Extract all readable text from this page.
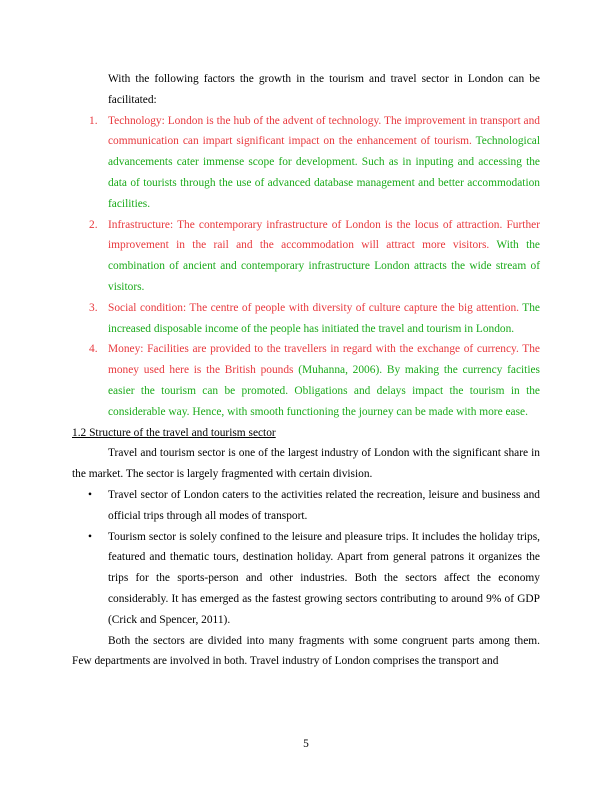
With the following factors the growth in the tourism and travel sector in London can be facilitated:

1. Technology: London is the hub of the advent of technology. The improvement in transport and communication can impart significant impact on the enhancement of tourism. Technological advancements cater immense scope for development. Such as in inputing and accessing the data of tourists through the use of advanced database management and better accommodation facilities.
2. Infrastructure: The contemporary infrastructure of London is the locus of attraction. Further improvement in the rail and the accommodation will attract more visitors. With the combination of ancient and contemporary infrastructure London attracts the wide stream of visitors.
3. Social condition: The centre of people with diversity of culture capture the big attention. The increased disposable income of the people has initiated the travel and tourism in London.
4. Money: Facilities are provided to the travellers in regard with the exchange of currency. The money used here is the British pounds (Muhanna, 2006). By making the currency facities easier the tourism can be promoted. Obligations and delays impact the tourism in the considerable way. Hence, with smooth functioning the journey can be made with more ease.

1.2 Structure of the travel and tourism sector

Travel and tourism sector is one of the largest industry of London with the significant share in the market. The sector is largely fragmented with certain division.

• Travel sector of London caters to the activities related the recreation, leisure and business and official trips through all modes of transport.
• Tourism sector is solely confined to the leisure and pleasure trips. It includes the holiday trips, featured and thematic tours, destination holiday. Apart from general patrons it organizes the trips for the sports-person and other industries. Both the sectors affect the economy considerably. It has emerged as the fastest growing sectors contributing to around 9% of GDP (Crick and Spencer, 2011).

Both the sectors are divided into many fragments with some congruent parts among them. Few departments are involved in both. Travel industry of London comprises the transport and

5
